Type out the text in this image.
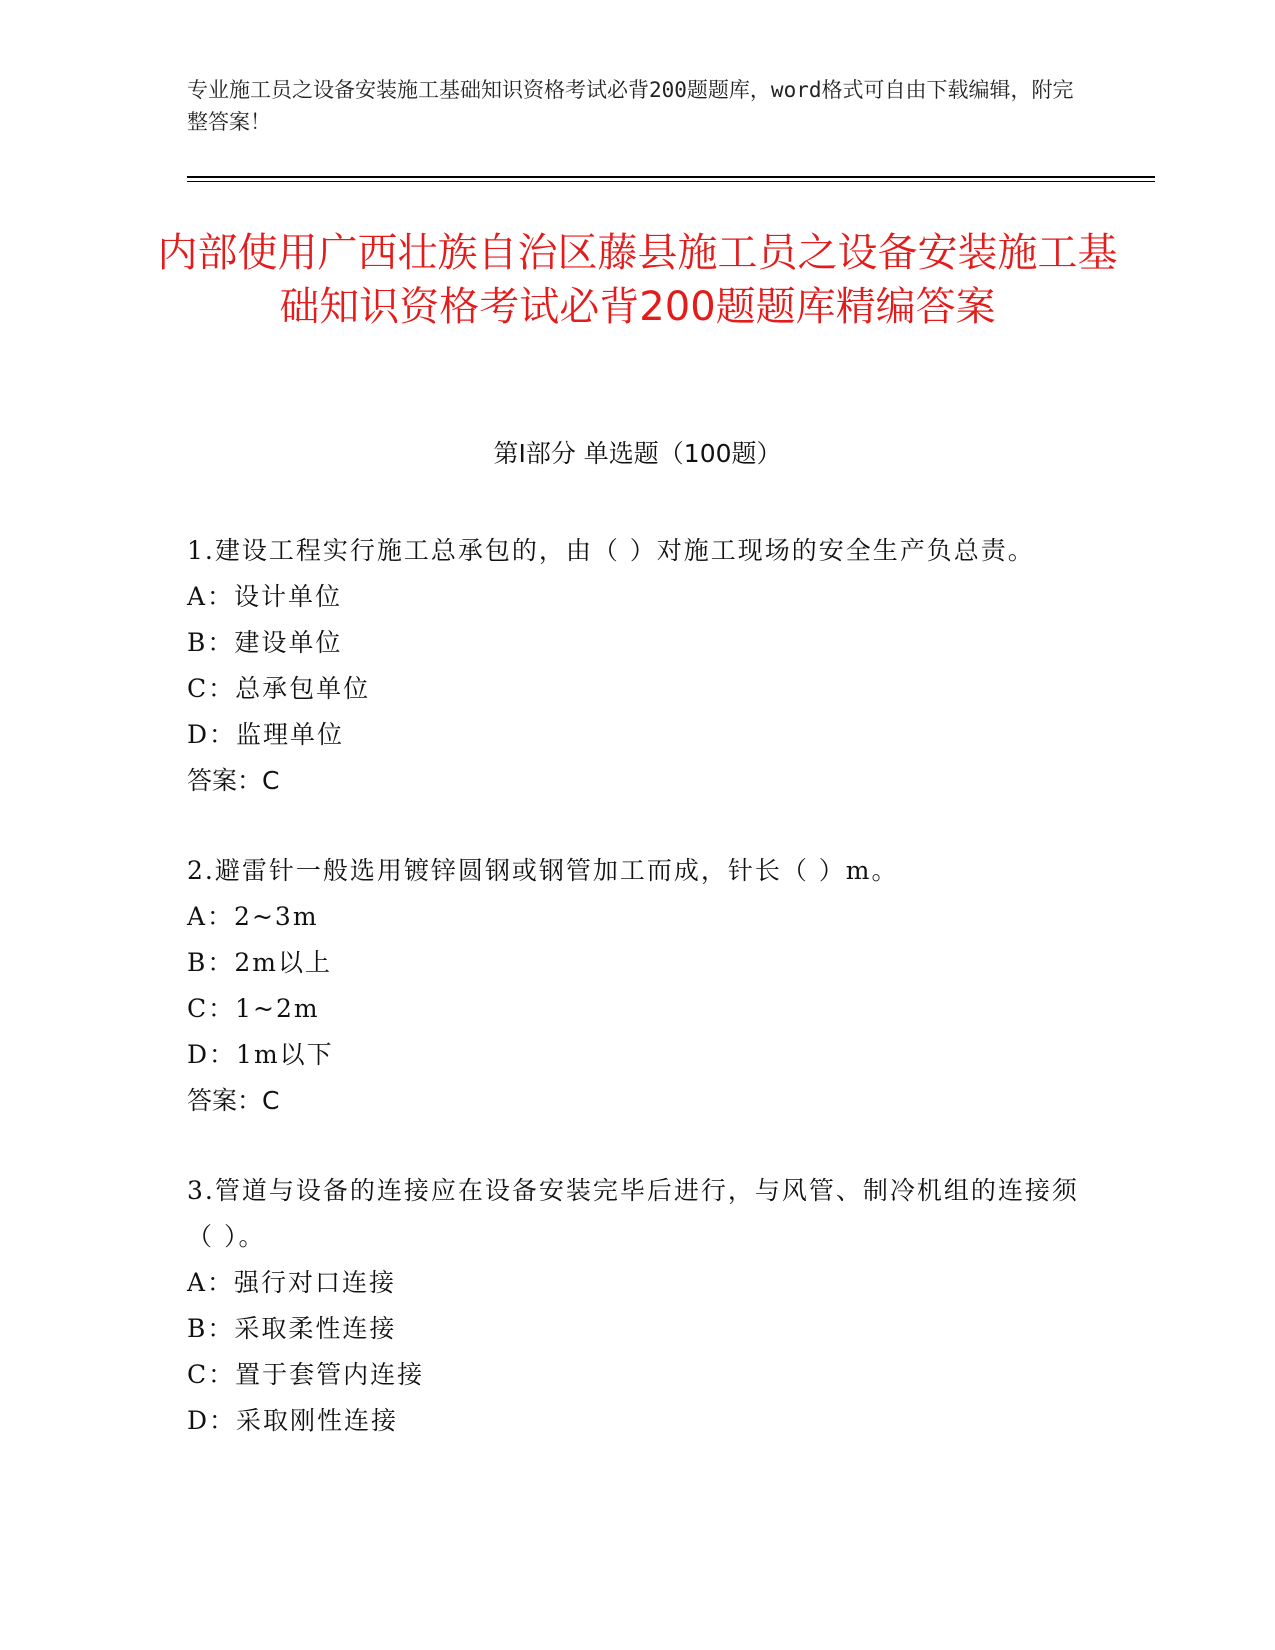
专业施工员之设备安装施工基础知识资格考试必背200题题库，word格式可自由下载编辑，附完整答案！
内部使用广西壮族自治区藤县施工员之设备安装施工基础知识资格考试必背200题题库精编答案
第Ⅰ部分 单选题（100题）

1.建设工程实行施工总承包的，由（ ）对施工现场的安全生产负总责。

A：设计单位

B：建设单位

C：总承包单位

D：监理单位

答案：C

2.避雷针一般选用镀锌圆钢或钢管加工而成，针长（ ）m。

A：2~3m

B：2m以上

C：1~2m

D：1m以下

答案：C

3.管道与设备的连接应在设备安装完毕后进行，与风管、制冷机组的连接须（ ）。

A：强行对口连接

B：采取柔性连接

C：置于套管内连接

D：采取刚性连接
